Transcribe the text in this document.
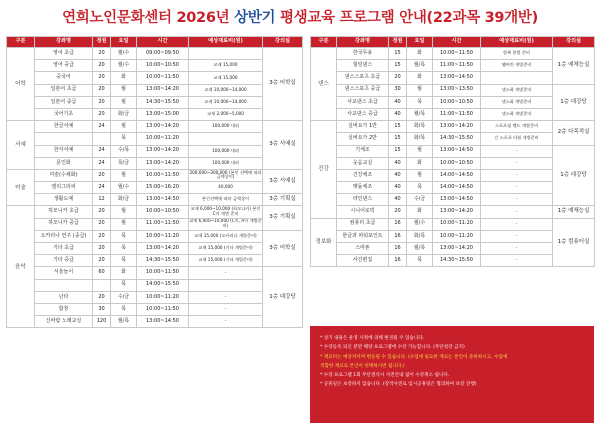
연희노인문화센터 2026년 상반기 평생교육 프로그램 안내(22과목 39개반)
구분	강좌명	정원	요일	시간	예상재료비(원)	강의실
어학	영어 초급	20	월/수	09:00~09:50		3층 어학실
	영어 중급	20	월/수	10:00~10:50	교재 15,000	
	중국어	20	화	10:00~11:50	교재 15,000	
	일본어 초급	20	월	13:00~14:20	교재 10,000~14,000	
	일본어 중급	20	월	14:30~15:50	교재 10,000~14,000	
	국어기초	20	화/금	13:00~15:00	교재 2,000~5,000	
서예	한글서예	24	월	13:00~14:20	100,000 내외	3층 서예실
			목	10:00~11:20		
	한자서예	24	수/목	13:00~14:20	100,000 내외	
	문인화	24	목/금	13:00~14:20	100,000 내외	
미술	미술(수채화)	20	월	10:00~11:50	200,000~300,000 (본인 선택에 따라 금액상이)	3층 서예실
	캘리그라피	24	월/수	15:00~16:20	40,000	
	생활도예	12	화/금	13:00~14:50	본인선택에 따라 금액상이	3층 기획실
음악	하모니카 초급	20	월	10:00~10:50	교재 6,000~10,000 (하모니카) 본인 C키 개별 준비	3층 기획실
	하모니카 중급	20	월	11:00~11:50	교재 6,000~10,000 (C키, A키 개별준비)	
	오카리나 연주 (중급)	20	목	10:00~11:20	교재 15,000 (오카리나 개별준비)	3층 어학실
	기타 초급	20	목	13:00~14:20	교재 15,000 (기타 개별준비)	
	기타 중급	20	목	14:30~15:50	교재 15,000 (기타 개별준비)	
	서울놀이	60	화	10:00~11:50	-	1층 대강당
			목	14:00~15:50		
	난타	20	수/금	10:00~11:20	-	
	합창	30	목	10:00~11:50	-	
	신바람 노래교실	120	월/목	13:00~14:50	-	
구분	강좌명	정원	요일	시간	예상재료비(원)	강의실
댄스	한국무용	15	화	10:00~11:50	한복 한벌 준비	1층 예체능실
	힐링댄스	15	월/목	11:00~11:50	탬버린 개별준비	
	댄스스포츠 초급	20	화	13:00~14:50		
	댄스스포츠 중급	30	월	13:00~13:50	댄스화 개별준비	1층 대강당
	사교댄스 초급	40	목	10:00~10:50	댄스화 개별준비	
	사교댄스 중급	40	월/목	11:00~11:50	댄스화 개별준비	
건강	실버요가 1반	15	화/목	13:00~14:20	스포츠짐 밴드 개별준비	2층 다목적실
	실버요가 2반	15	화/목	14:30~15:50	긴 스포츠 타월 개별준비	
	기체조	15	월	13:00~14:50	-	1층 대강당
	웃음교실	40	화	10:00~10:50	-	
	건강체조	40	월	14:00~14:50	-	
	맷돌체조	40	목	14:00~14:50	-	
	라인댄스	40	수/금	13:00~14:50	-	
	시니어로빅	20	화	13:00~14:20	-	1층 예체능실
정보화	컴퓨터 초급	16	월/수	10:00~11:20	-	1층 컴퓨터실
	한글과 파워포인트	16	화/목	10:00~11:20	-	
	스마폰	16	월/목	13:00~14:20	-	
	사진편집	16	목	14:30~15:50	-	
* 상기 내용은 운영 사정에 의해 변경될 수 있습니다.
* 수강등록 되신 분만 해당 프로그램에 수강 가능합니다. (무단청강 금지)
* 재료비는 예상치이며 변동될 수 있습니다. (수업에 필요한 재료는 본인이 준비하시고, 수업에
적합한 재료로 본인이 선택하시면 됩니다.)
* 수강 프로그램 1회 무단결석시 사전안내 없이 수강취소 됩니다.
* 공휴일은 보강하지 않습니다. (강작사전로 임시공휴일은 협의하여 보강 진행)
